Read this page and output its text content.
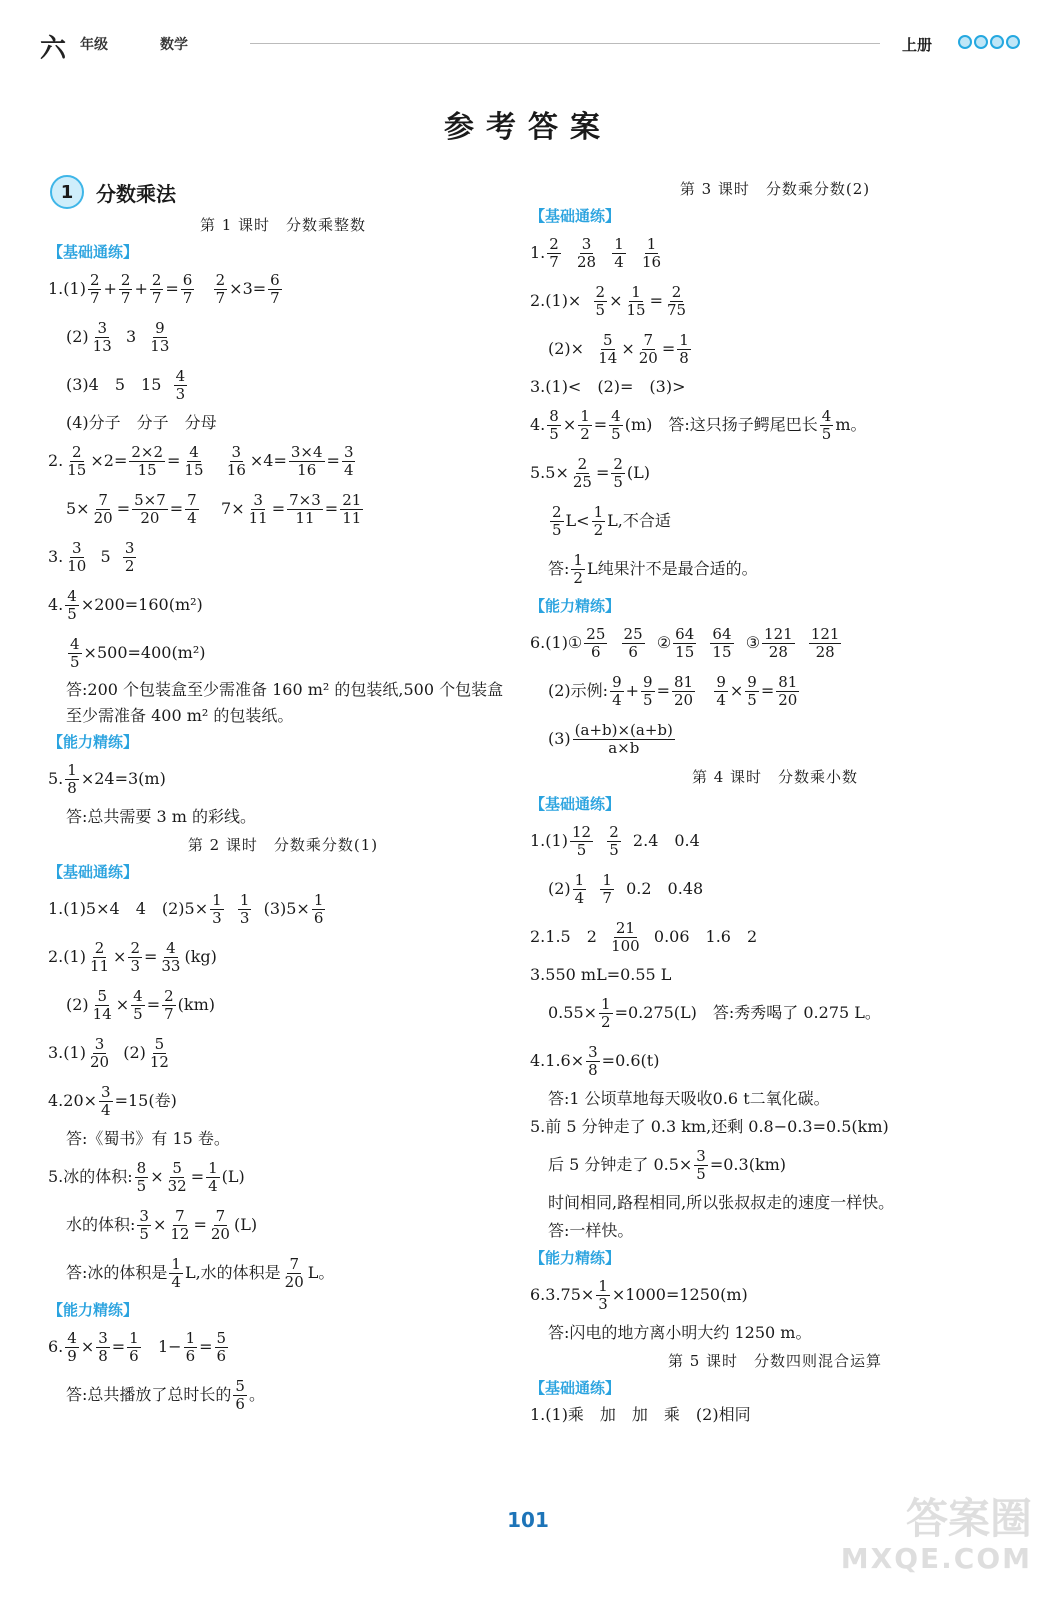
六 年级	数学	上册
参考答案
1	分数乘法
第 1 课时　分数乘整数
【基础通练】
1.(1) 2
7 + 2
7 + 2
7 = 6
7

2
7 ×3= 6
7
(2) 3
13
3
9
13
(3)4　5　15
4
3
(4)分子　分子　分母
2. 2
15 ×2= 2×2
15 = 4
15

3
16 ×4= 3×4
16 = 3
4
5× 7
20 = 5×7
20 = 7
4 7× 3
11 = 7×3
11 = 21
11
3. 3
10
5
3
2
4. $\frac{4}{5} \times 200=160(m^2)$
$\frac{4}{5} \times 500=400(m^2)$
答:200 个包装盒至少需准备 160 m² 的包装纸,500 个包装盒至少需准备 400 m² 的包装纸。
【能力精练】
5. $\frac{1}{8} \times 24=3(m)$
答:总共需要 3 m 的彩线。
第 2 课时　分数乘分数(1)
【基础通练】
1.(1)5×4　4　$(2)5\times \frac{1}{3}$
1
3
$(3)5\times \frac{1}{6}$
2.(1) 2
11 × 2
3 = 4
33 (kg)
(2) 5
14 × 4
5 = 2
7 (km)
3.(1) 3
20
(2) 5
12
$4.20\times \frac{3}{4} =15$(卷)
答:《蜀书》有 15 卷。
5.冰的体积: 8
5 × 5
32 = 1
4 (L)
水的体积: 3
5 × 7
12 = 7
20 (L)
答:冰的体积是 1
4 L,水的体积是 7
20 L。
【能力精练】
6. 4
9 × 3
8 = 1
6 1− 1
6 = 5
6
答:总共播放了总时长的 5
6 。
第 3 课时　分数乘分数(2)
【基础通练】
1. 2
7

3
28

1
4

1
16
2.(1)×
$\frac{2}{5} \times 1$
15 = 2
75
(2)×
$\frac{5}{14} \times 7$
20 = 1
8
3.(1)<　(2)=　(3)>
4. 8
5 × 1
2 = 4
5 (m)　答:这只扬子鳄尾巴长 4
5 m。
$5.5\times \frac{2}{25} = 2$
5 (L)
2
5 L< 1
2 L,不合适
答: 1
2 L纯果汁不是最合适的。
【能力精练】
6.(1)① 25
6

25
6
② 64
15

64
15
③ 121
28

121
28
(2)示例: 9
4 + 9
5 = 81
20

9
4 × 9
5 = 81
20
(3) (a+b)×(a+b)
a×b
第 4 课时　分数乘小数
【基础通练】
1.(1) 12
5

2
5
2.4　0.4
(2) 1
4

1
7
0.2　0.48
2.1.5　2
21
100
0.06　1.6　2
3.550 mL=0.55 L
$0.55\times \frac{1}{2} =0.275(L)$　答:秀秀喝了 0.275 L。
$4.1.6\times \frac{3}{8} =0.6(t)$
答:1 公顷草地每天吸收0.6 t二氧化碳。
5.前 5 分钟走了 0.3 km,还剩 0.8−0.3=0.5(km)
后 5 分钟走了 $0.5\times \frac{3}{5} =0.3(km)$
时间相同,路程相同,所以张叔叔走的速度一样快。
答:一样快。
【能力精练】
$6.3.75\times \frac{1}{3} \times 1000=1250(m)$
答:闪电的地方离小明大约 1250 m。
第 5 课时　分数四则混合运算
【基础通练】
1.(1)乘　加　加　乘　(2)相同
101	答案圈
MXQE.COM
